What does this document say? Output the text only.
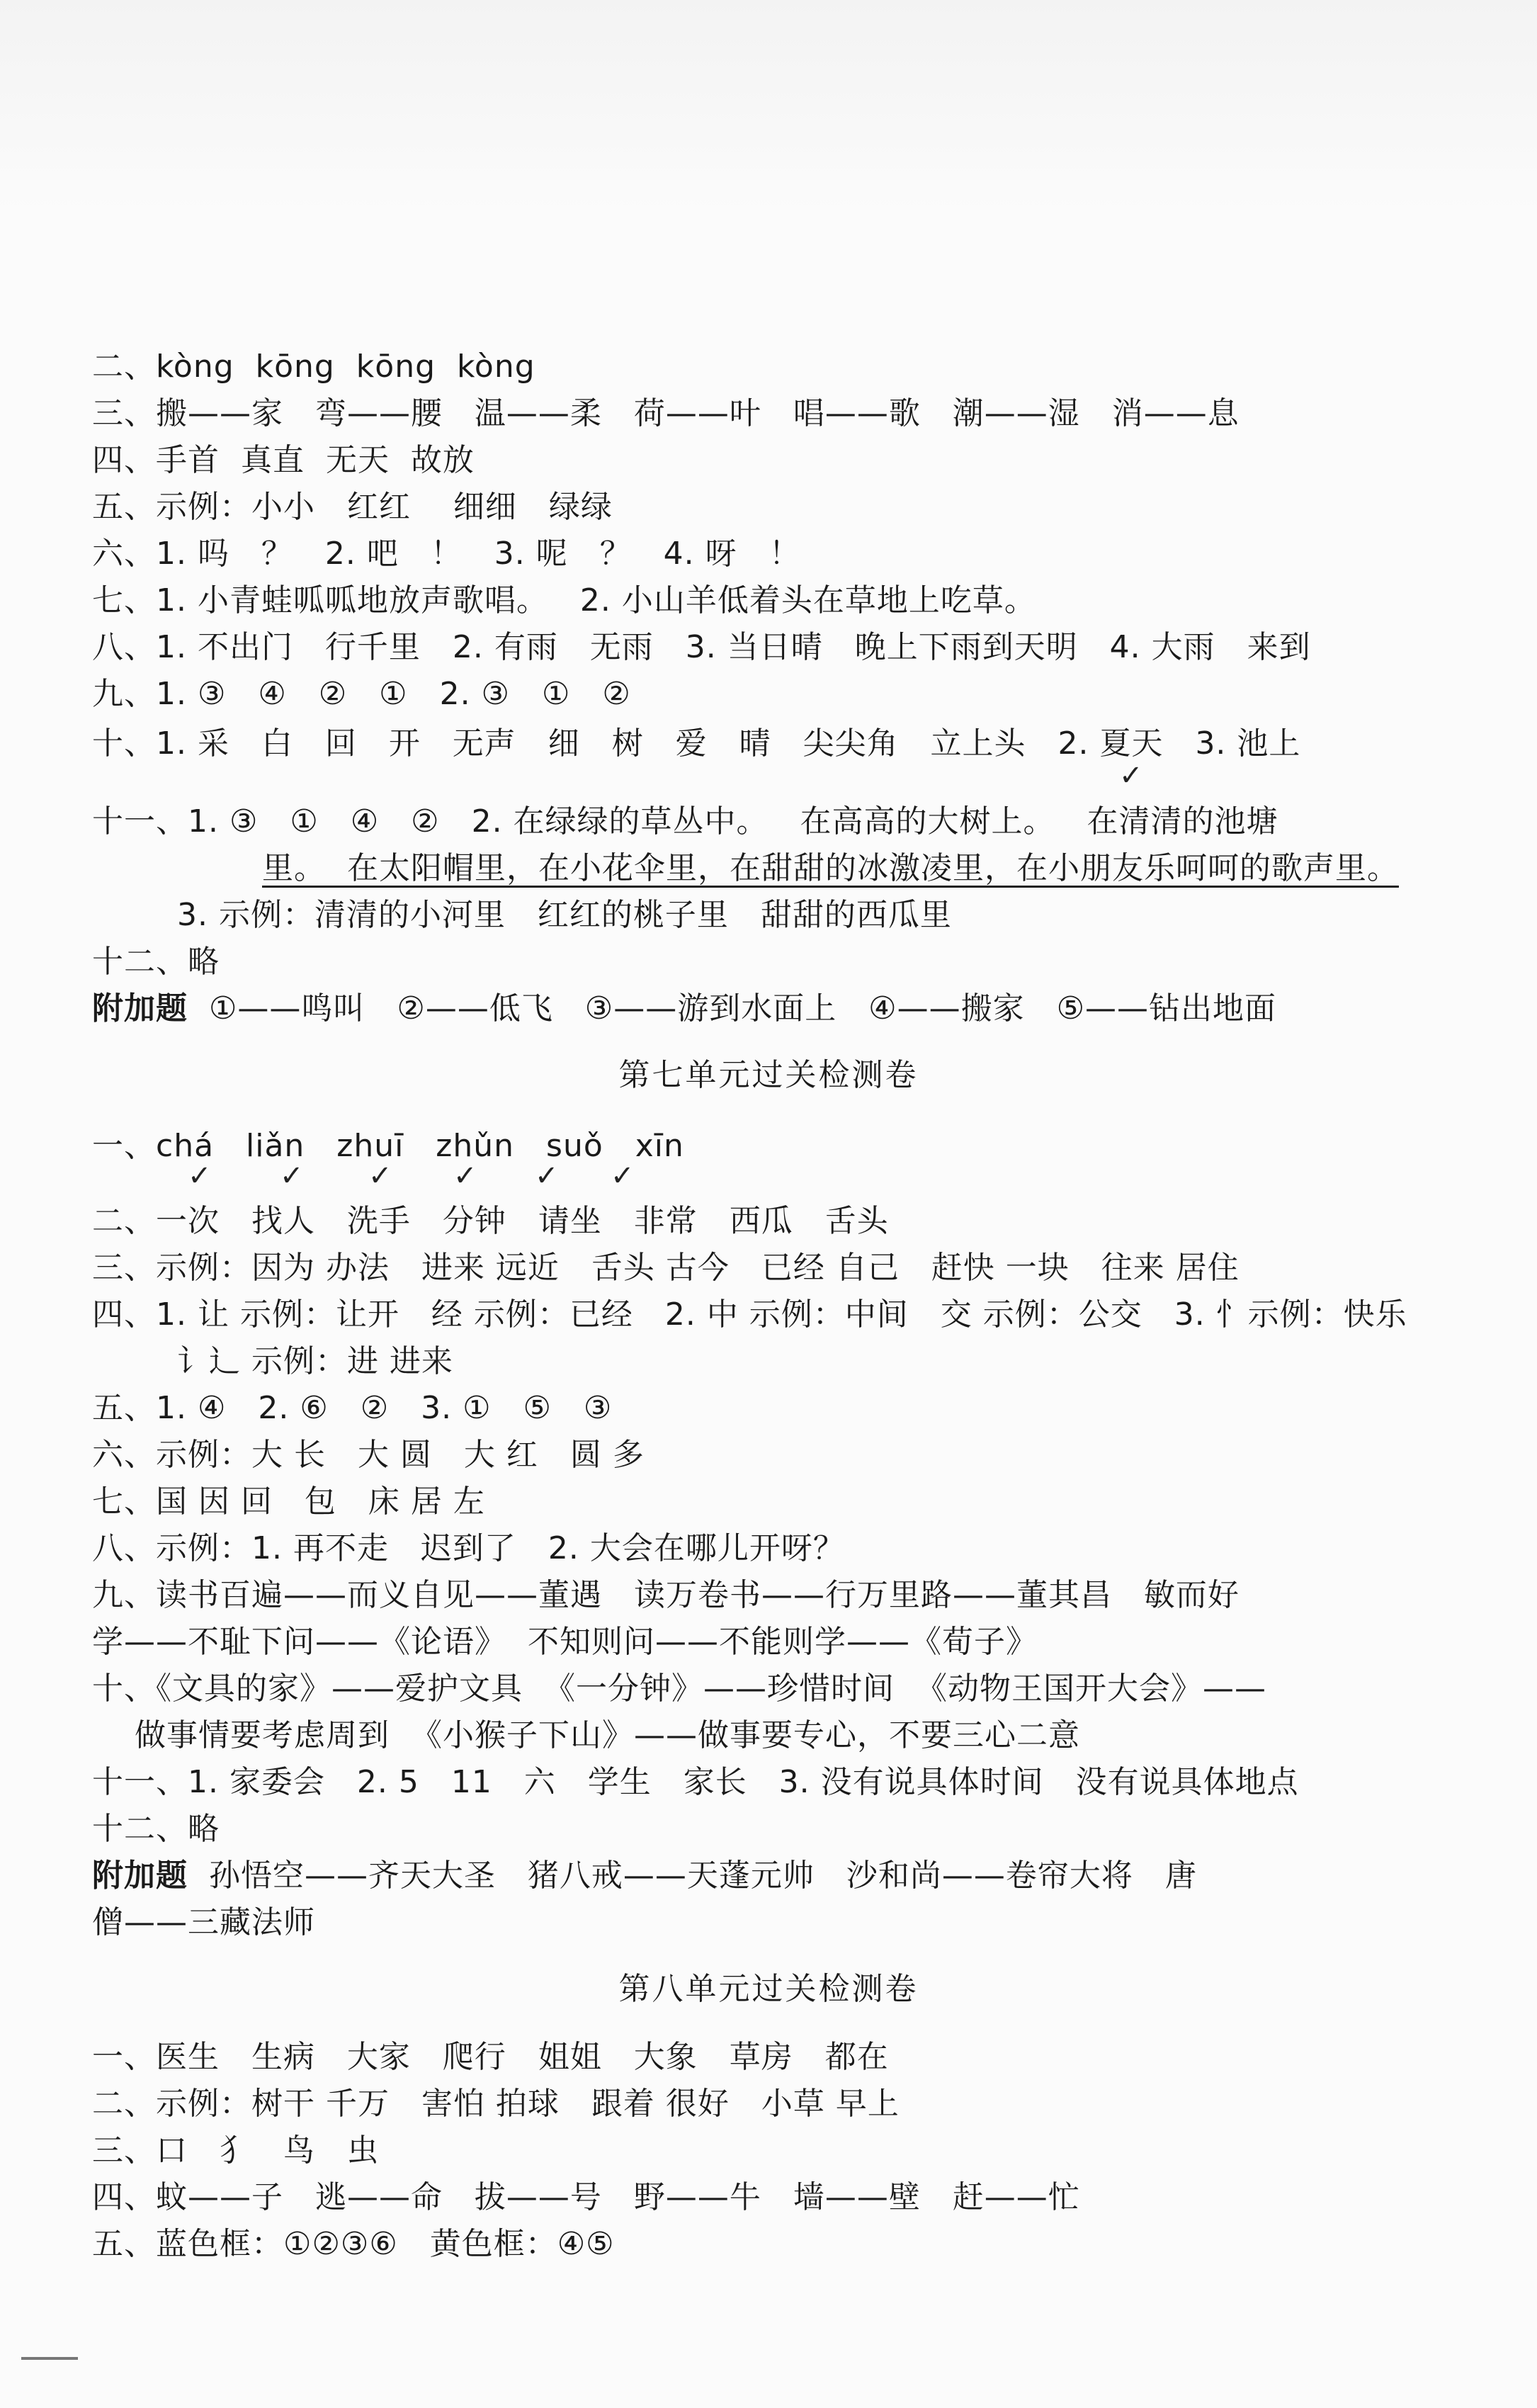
二、kòng  kōng  kōng  kòng
三、搬——家   弯——腰   温——柔   荷——叶   唱——歌   潮——湿   消——息
四、手首  真直  无天  故放
五、示例：小小   红红    细细   绿绿
六、1. 吗   ？   2. 吧   ！   3. 呢   ？   4. 呀   ！
七、1. 小青蛙呱呱地放声歌唱。   2. 小山羊低着头在草地上吃草。
八、1. 不出门   行千里   2. 有雨   无雨   3. 当日晴   晚上下雨到天明   4. 大雨   来到
九、1. ③   ④   ②   ①   2. ③   ①   ②
十、1. 采   白   回   开   无声   细   树   爱   晴   尖尖角   立上头   2. 夏天   3. 池上
✓
十一、1. ③   ①   ④   ②   2. 在绿绿的草丛中。   在高高的大树上。   在清清的池塘
里。  在太阳帽里，在小花伞里，在甜甜的冰激凌里，在小朋友乐呵呵的歌声里。
3. 示例：清清的小河里   红红的桃子里   甜甜的西瓜里
十二、略
附加题  ①——鸣叫   ②——低飞   ③——游到水面上   ④——搬家   ⑤——钻出地面
第七单元过关检测卷
一、chá   liǎn   zhuī   zhǔn   suǒ   xīn
✓ ✓ ✓ ✓ ✓ ✓
二、一次   找人   洗手   分钟   请坐   非常   西瓜   舌头
三、示例：因为 办法   进来 远近   舌头 古今   已经 自己   赶快 一块   往来 居住
四、1. 让 示例：让开   经 示例：已经   2. 中 示例：中间   交 示例：公交   3. 忄示例：快乐
讠辶 示例：进 进来
五、1. ④   2. ⑥   ②   3. ①   ⑤   ③
六、示例：大 长   大 圆   大 红   圆 多
七、国 因 回   包   床 居 左
八、示例：1. 再不走   迟到了   2. 大会在哪儿开呀？
九、读书百遍——而义自见——董遇   读万卷书——行万里路——董其昌   敏而好
学——不耻下问——《论语》  不知则问——不能则学——《荀子》
十、《文具的家》——爱护文具  《一分钟》——珍惜时间  《动物王国开大会》——
做事情要考虑周到  《小猴子下山》——做事要专心，不要三心二意
十一、1. 家委会   2. 5   11   六   学生   家长   3. 没有说具体时间   没有说具体地点
十二、略
附加题  孙悟空——齐天大圣   猪八戒——天蓬元帅   沙和尚——卷帘大将   唐
僧——三藏法师
第八单元过关检测卷
一、医生   生病   大家   爬行   姐姐   大象   草房   都在
二、示例：树干 千万   害怕 拍球   跟着 很好   小草 早上
三、口   犭   鸟   虫
四、蚊——子   逃——命   拔——号   野——牛   墙——壁   赶——忙
五、蓝色框：①②③⑥   黄色框：④⑤
